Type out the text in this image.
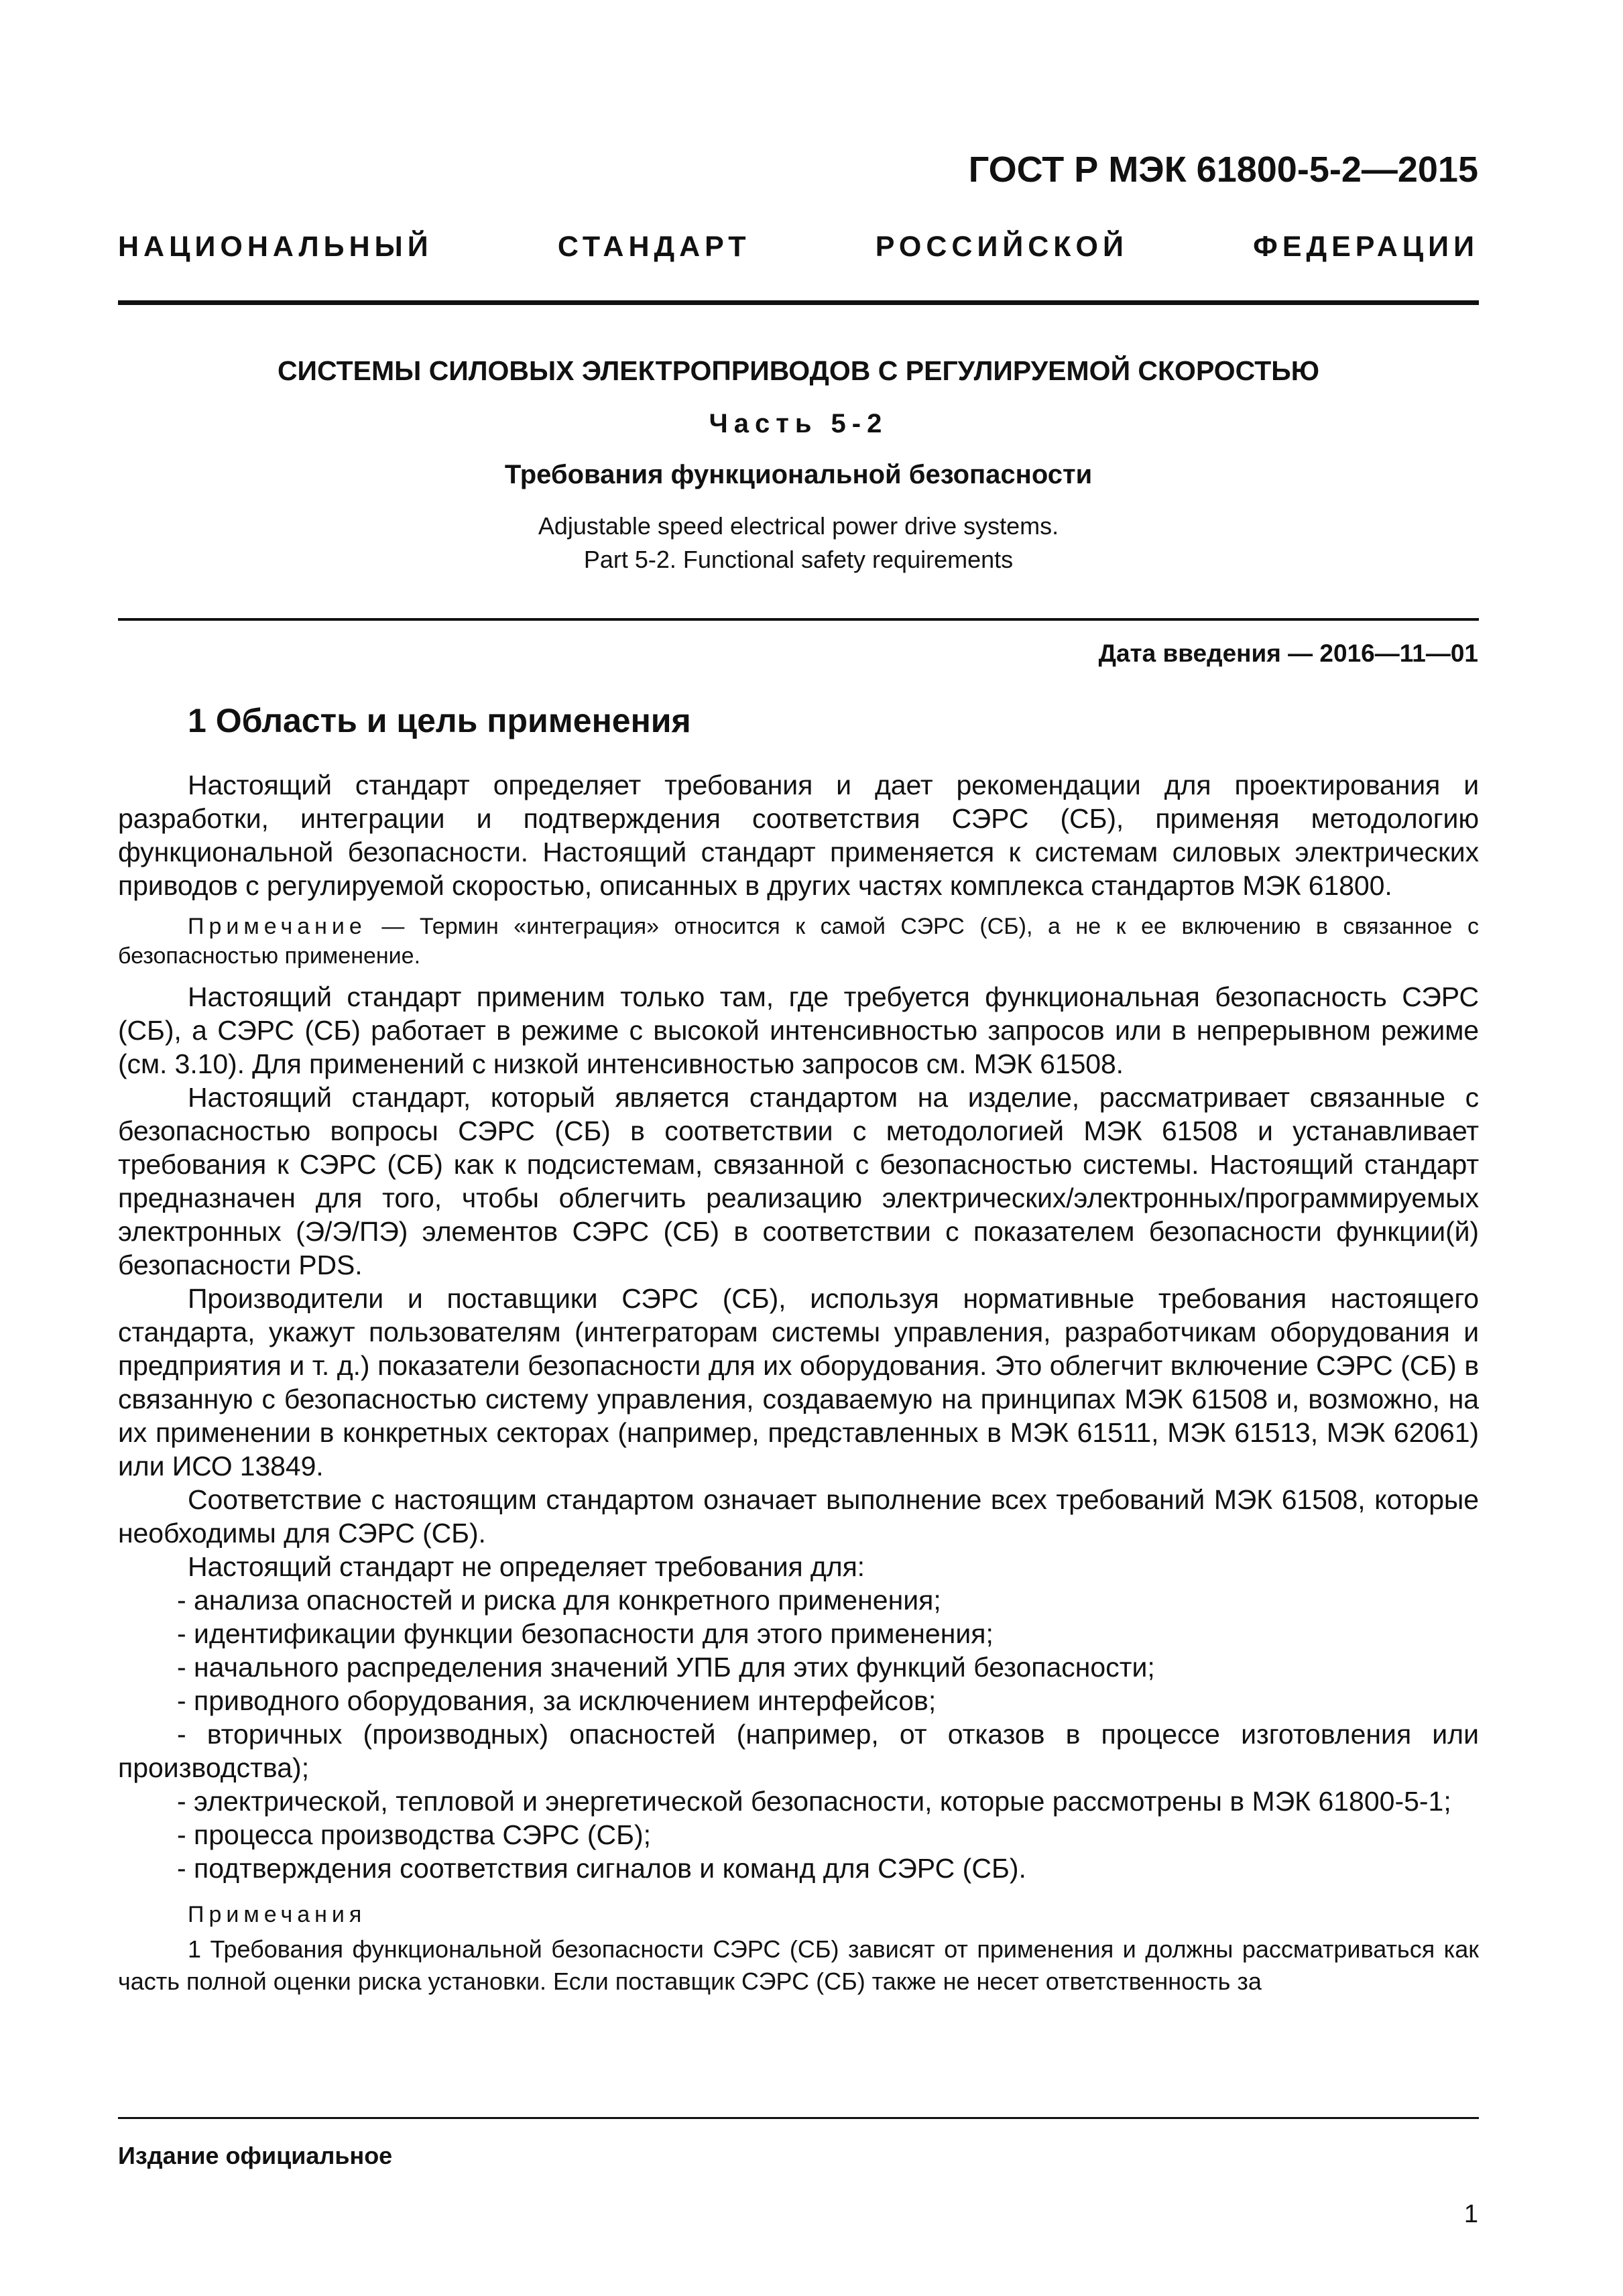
ГОСТ Р МЭК 61800-5-2—2015
НАЦИОНАЛЬНЫЙ СТАНДАРТ РОССИЙСКОЙ ФЕДЕРАЦИИ
СИСТЕМЫ СИЛОВЫХ ЭЛЕКТРОПРИВОДОВ С РЕГУЛИРУЕМОЙ СКОРОСТЬЮ
Часть 5-2
Требования функциональной безопасности
Adjustable speed electrical power drive systems.
Part 5-2. Functional safety requirements
Дата введения — 2016—11—01
1 Область и цель применения

Настоящий стандарт определяет требования и дает рекомендации для проектирования и разработки, интеграции и подтверждения соответствия СЭРС (СБ), применяя методологию функциональной безопасности. Настоящий стандарт применяется к системам силовых электрических приводов с регулируемой скоростью, описанных в других частях комплекса стандартов МЭК 61800.

Примечание — Термин «интеграция» относится к самой СЭРС (СБ), а не к ее включению в связанное с безопасностью применение.

Настоящий стандарт применим только там, где требуется функциональная безопасность СЭРС (СБ), а СЭРС (СБ) работает в режиме с высокой интенсивностью запросов или в непрерывном режиме (см. 3.10). Для применений с низкой интенсивностью запросов см. МЭК 61508.

Настоящий стандарт, который является стандартом на изделие, рассматривает связанные с безопасностью вопросы СЭРС (СБ) в соответствии с методологией МЭК 61508 и устанавливает требования к СЭРС (СБ) как к подсистемам, связанной с безопасностью системы. Настоящий стандарт предназначен для того, чтобы облегчить реализацию электрических/электронных/программируемых электронных (Э/Э/ПЭ) элементов СЭРС (СБ) в соответствии с показателем безопасности функции(й) безопасности PDS.

Производители и поставщики СЭРС (СБ), используя нормативные требования настоящего стандарта, укажут пользователям (интеграторам системы управления, разработчикам оборудования и предприятия и т. д.) показатели безопасности для их оборудования. Это облегчит включение СЭРС (СБ) в связанную с безопасностью систему управления, создаваемую на принципах МЭК 61508 и, возможно, на их применении в конкретных секторах (например, представленных в МЭК 61511, МЭК 61513, МЭК 62061) или ИСО 13849.

Соответствие с настоящим стандартом означает выполнение всех требований МЭК 61508, которые необходимы для СЭРС (СБ).

Настоящий стандарт не определяет требования для:

- анализа опасностей и риска для конкретного применения;
- идентификации функции безопасности для этого применения;
- начального распределения значений УПБ для этих функций безопасности;
- приводного оборудования, за исключением интерфейсов;
- вторичных (производных) опасностей (например, от отказов в процессе изготовления или производства);
- электрической, тепловой и энергетической безопасности, которые рассмотрены в МЭК 61800-5-1;
- процесса производства СЭРС (СБ);
- подтверждения соответствия сигналов и команд для СЭРС (СБ).

Примечания

1 Требования функциональной безопасности СЭРС (СБ) зависят от применения и должны рассматриваться как часть полной оценки риска установки. Если поставщик СЭРС (СБ) также не несет ответственность за

Издание официальное
1
